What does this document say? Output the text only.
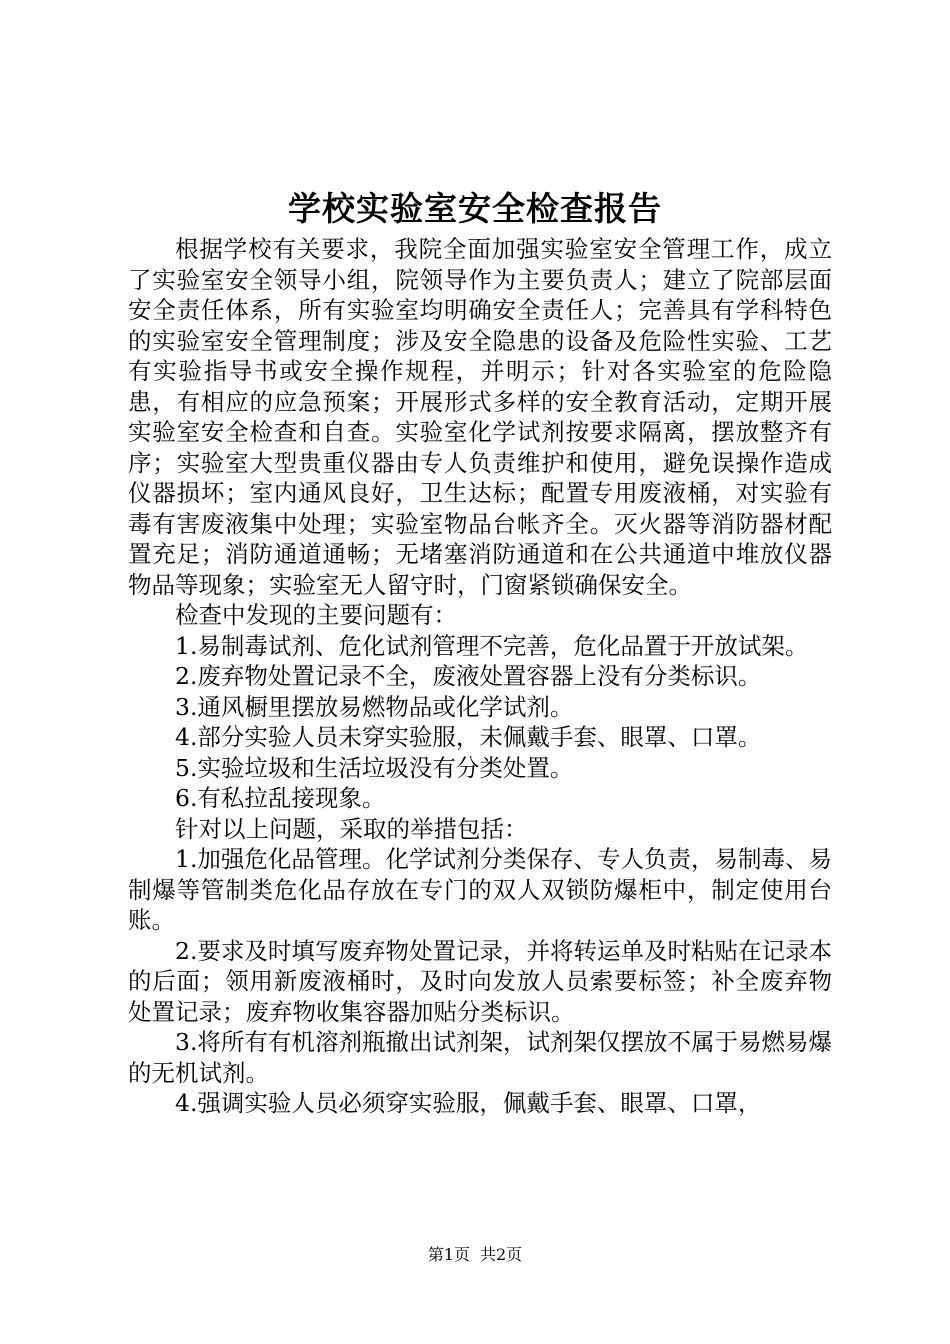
学校实验室安全检查报告

根据学校有关要求，我院全面加强实验室安全管理工作，成立了实验室安全领导小组，院领导作为主要负责人；建立了院部层面安全责任体系，所有实验室均明确安全责任人；完善具有学科特色的实验室安全管理制度；涉及安全隐患的设备及危险性实验、工艺有实验指导书或安全操作规程，并明示；针对各实验室的危险隐患，有相应的应急预案；开展形式多样的安全教育活动，定期开展实验室安全检查和自查。实验室化学试剂按要求隔离，摆放整齐有序；实验室大型贵重仪器由专人负责维护和使用，避免误操作造成仪器损坏；室内通风良好，卫生达标；配置专用废液桶，对实验有毒有害废液集中处理；实验室物品台帐齐全。灭火器等消防器材配置充足；消防通道通畅；无堵塞消防通道和在公共通道中堆放仪器物品等现象；实验室无人留守时，门窗紧锁确保安全。

检查中发现的主要问题有：

1.易制毒试剂、危化试剂管理不完善，危化品置于开放试架。

2.废弃物处置记录不全，废液处置容器上没有分类标识。

3.通风橱里摆放易燃物品或化学试剂。

4.部分实验人员未穿实验服，未佩戴手套、眼罩、口罩。

5.实验垃圾和生活垃圾没有分类处置。

6.有私拉乱接现象。

针对以上问题，采取的举措包括：

1.加强危化品管理。化学试剂分类保存、专人负责，易制毒、易制爆等管制类危化品存放在专门的双人双锁防爆柜中，制定使用台账。

2.要求及时填写废弃物处置记录，并将转运单及时粘贴在记录本的后面；领用新废液桶时，及时向发放人员索要标签；补全废弃物处置记录；废弃物收集容器加贴分类标识。

3.将所有有机溶剂瓶撤出试剂架，试剂架仅摆放不属于易燃易爆的无机试剂。

4.强调实验人员必须穿实验服，佩戴手套、眼罩、口罩，

第1页 共2页
